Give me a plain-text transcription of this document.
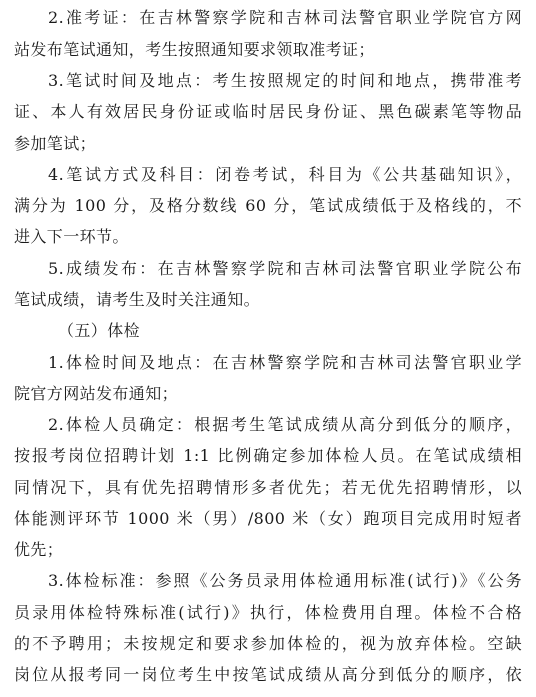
2.准考证：在吉林警察学院和吉林司法警官职业学院官方网
站发布笔试通知，考生按照通知要求领取准考证；
3.笔试时间及地点：考生按照规定的时间和地点，携带准考
证、本人有效居民身份证或临时居民身份证、黑色碳素笔等物品
参加笔试；
4.笔试方式及科目：闭卷考试，科目为《公共基础知识》，
满分为 100 分，及格分数线 60 分，笔试成绩低于及格线的，不
进入下一环节。
5.成绩发布：在吉林警察学院和吉林司法警官职业学院公布
笔试成绩，请考生及时关注通知。
（五）体检
1.体检时间及地点：在吉林警察学院和吉林司法警官职业学
院官方网站发布通知；
2.体检人员确定：根据考生笔试成绩从高分到低分的顺序，
按报考岗位招聘计划 1:1 比例确定参加体检人员。在笔试成绩相
同情况下，具有优先招聘情形多者优先；若无优先招聘情形，以
体能测评环节 1000 米（男）/800 米（女）跑项目完成用时短者
优先；
3.体检标准：参照《公务员录用体检通用标准(试行)》《公务
员录用体检特殊标准(试行)》执行，体检费用自理。体检不合格
的不予聘用；未按规定和要求参加体检的，视为放弃体检。空缺
岗位从报考同一岗位考生中按笔试成绩从高分到低分的顺序，依
